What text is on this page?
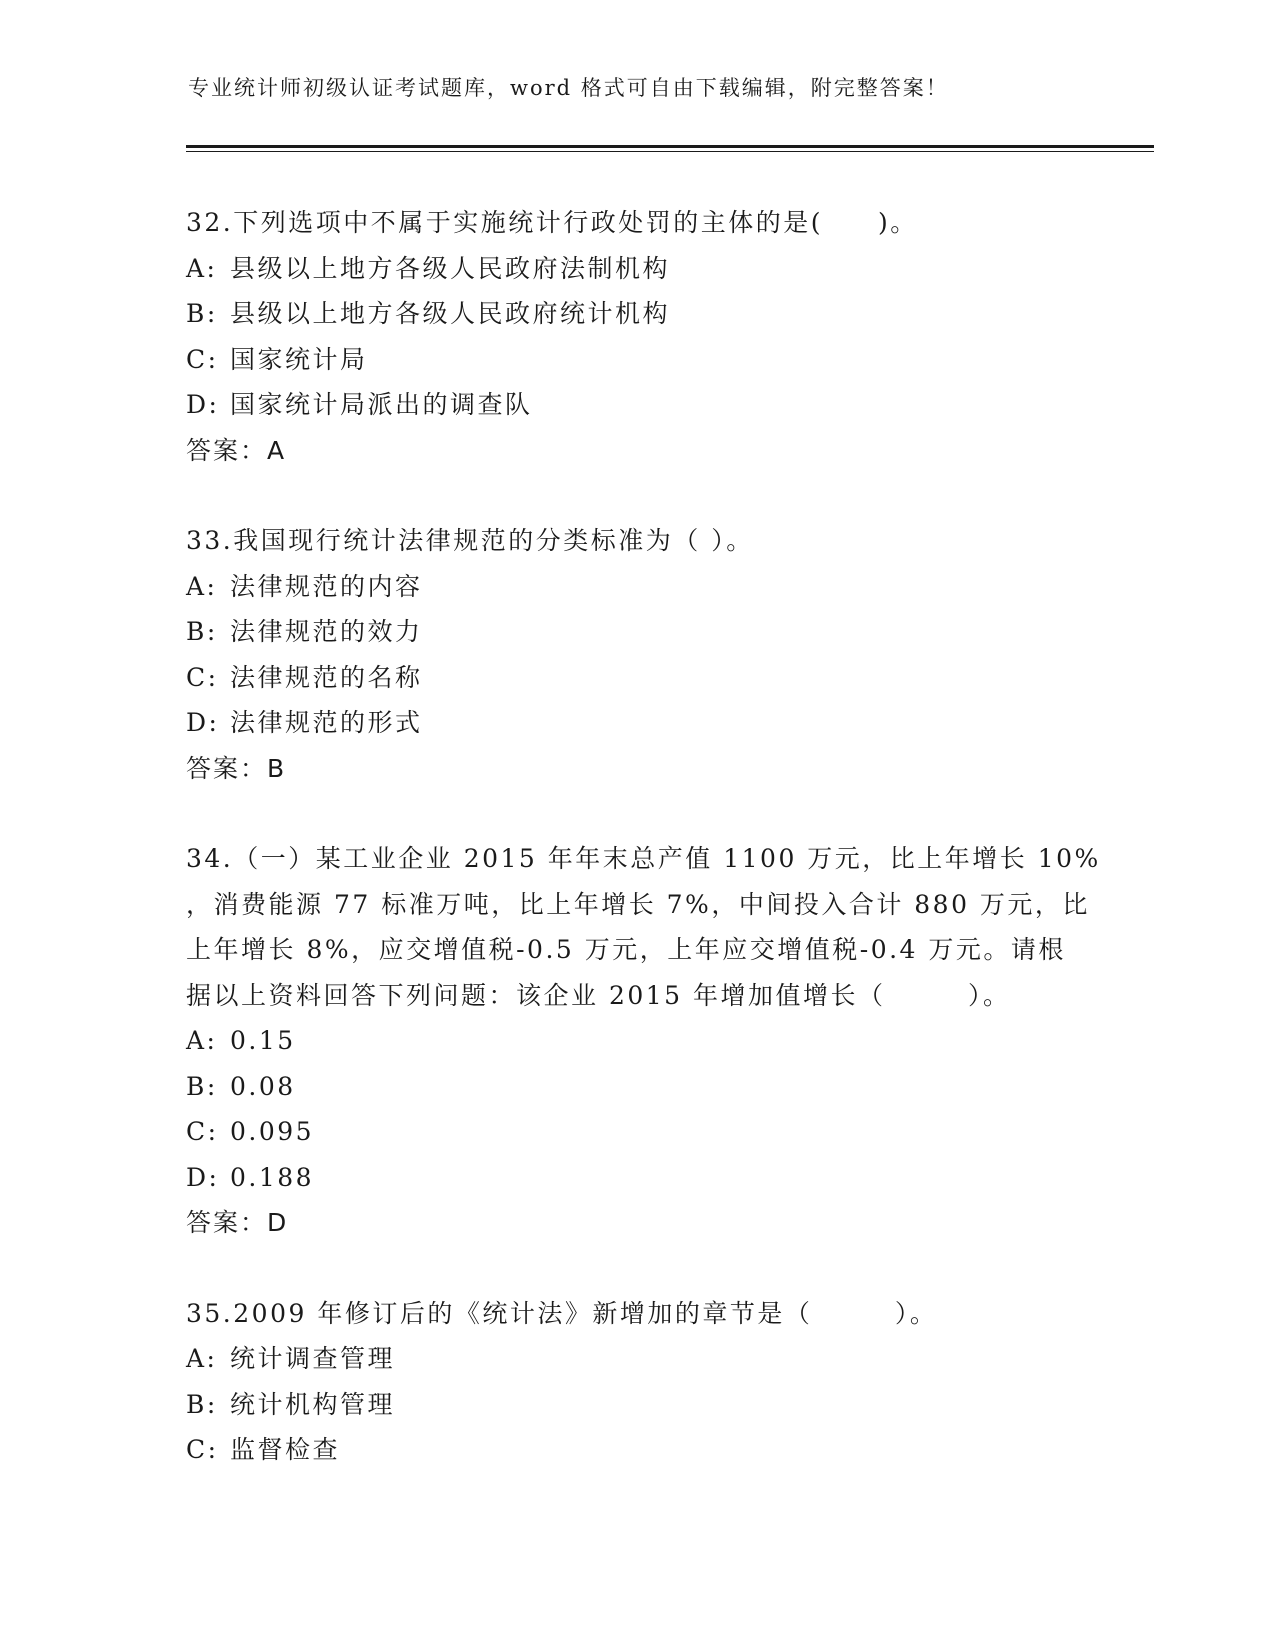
专业统计师初级认证考试题库，word 格式可自由下载编辑，附完整答案！

32.下列选项中不属于实施统计行政处罚的主体的是(　　)。

A: 县级以上地方各级人民政府法制机构

B: 县级以上地方各级人民政府统计机构

C: 国家统计局

D: 国家统计局派出的调查队

答案：A

33.我国现行统计法律规范的分类标准为（ ）。

A: 法律规范的内容

B: 法律规范的效力

C: 法律规范的名称

D: 法律规范的形式

答案：B

34.（一）某工业企业 2015 年年末总产值 1100 万元，比上年增长 10%

，消费能源 77 标准万吨，比上年增长 7%，中间投入合计 880 万元，比

上年增长 8%，应交增值税-0.5 万元，上年应交增值税-0.4 万元。请根

据以上资料回答下列问题：该企业 2015 年增加值增长（　　　）。

A: 0.15

B: 0.08

C: 0.095

D: 0.188

答案：D

35.2009 年修订后的《统计法》新增加的章节是（　　　）。

A: 统计调查管理

B: 统计机构管理

C: 监督检查
